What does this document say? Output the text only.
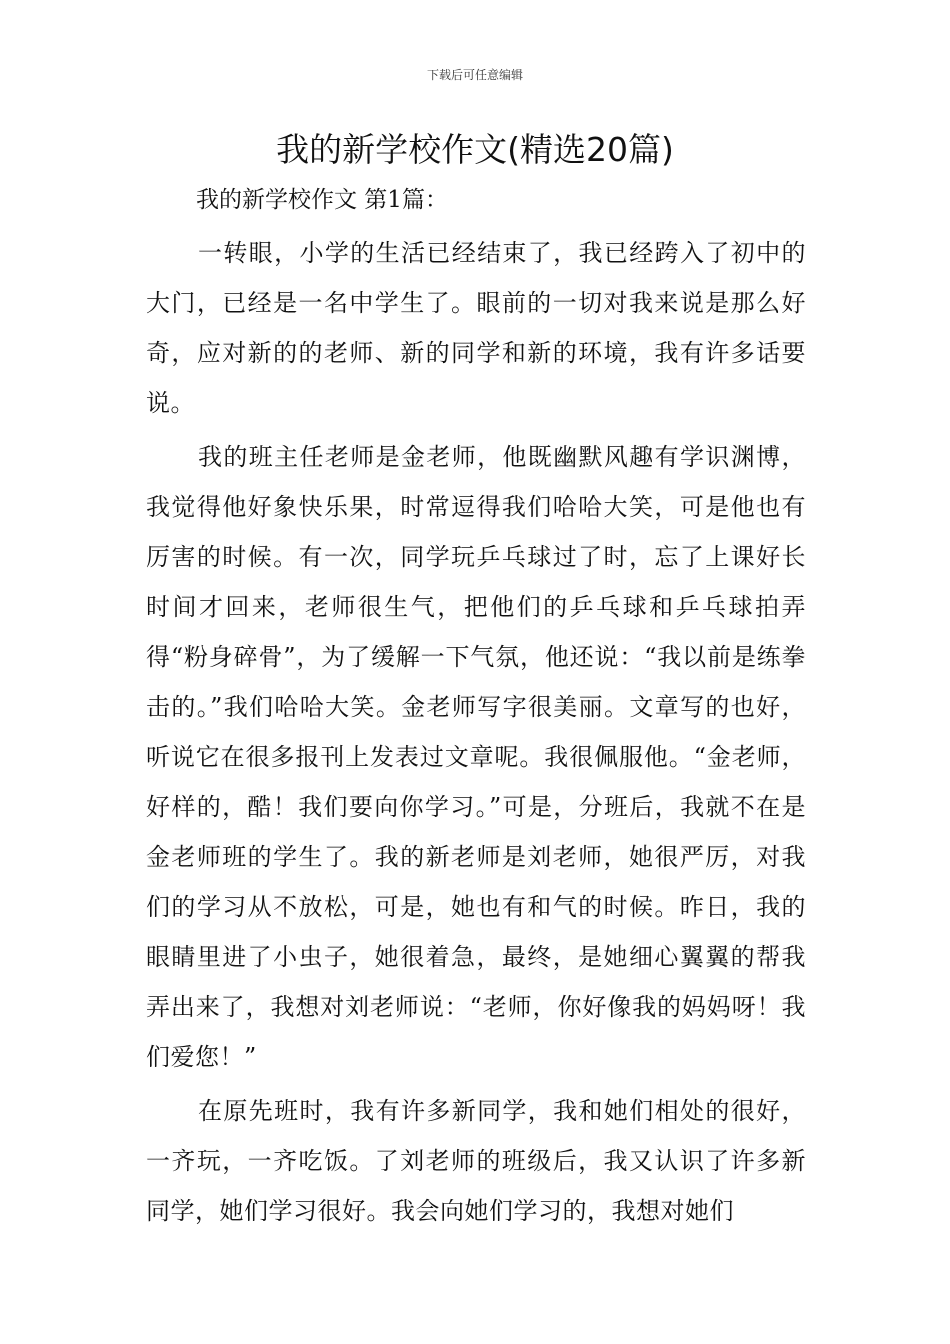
下载后可任意编辑
我的新学校作文(精选20篇)
我的新学校作文 第1篇：

一转眼，小学的生活已经结束了，我已经跨入了初中的大门，已经是一名中学生了。眼前的一切对我来说是那么好奇，应对新的的老师、新的同学和新的环境，我有许多话要说。

我的班主任老师是金老师，他既幽默风趣有学识渊博，我觉得他好象快乐果，时常逗得我们哈哈大笑，可是他也有厉害的时候。有一次，同学玩乒乓球过了时，忘了上课好长时间才回来，老师很生气，把他们的乒乓球和乒乓球拍弄得“粉身碎骨”，为了缓解一下气氛，他还说：“我以前是练拳击的。”我们哈哈大笑。金老师写字很美丽。文章写的也好，听说它在很多报刊上发表过文章呢。我很佩服他。“金老师，好样的，酷！我们要向你学习。”可是，分班后，我就不在是金老师班的学生了。我的新老师是刘老师，她很严厉，对我们的学习从不放松，可是，她也有和气的时候。昨日，我的眼睛里进了小虫子，她很着急，最终，是她细心翼翼的帮我弄出来了，我想对刘老师说：“老师，你好像我的妈妈呀！我们爱您！”

在原先班时，我有许多新同学，我和她们相处的很好，一齐玩，一齐吃饭。了刘老师的班级后，我又认识了许多新同学，她们学习很好。我会向她们学习的，我想对她们
